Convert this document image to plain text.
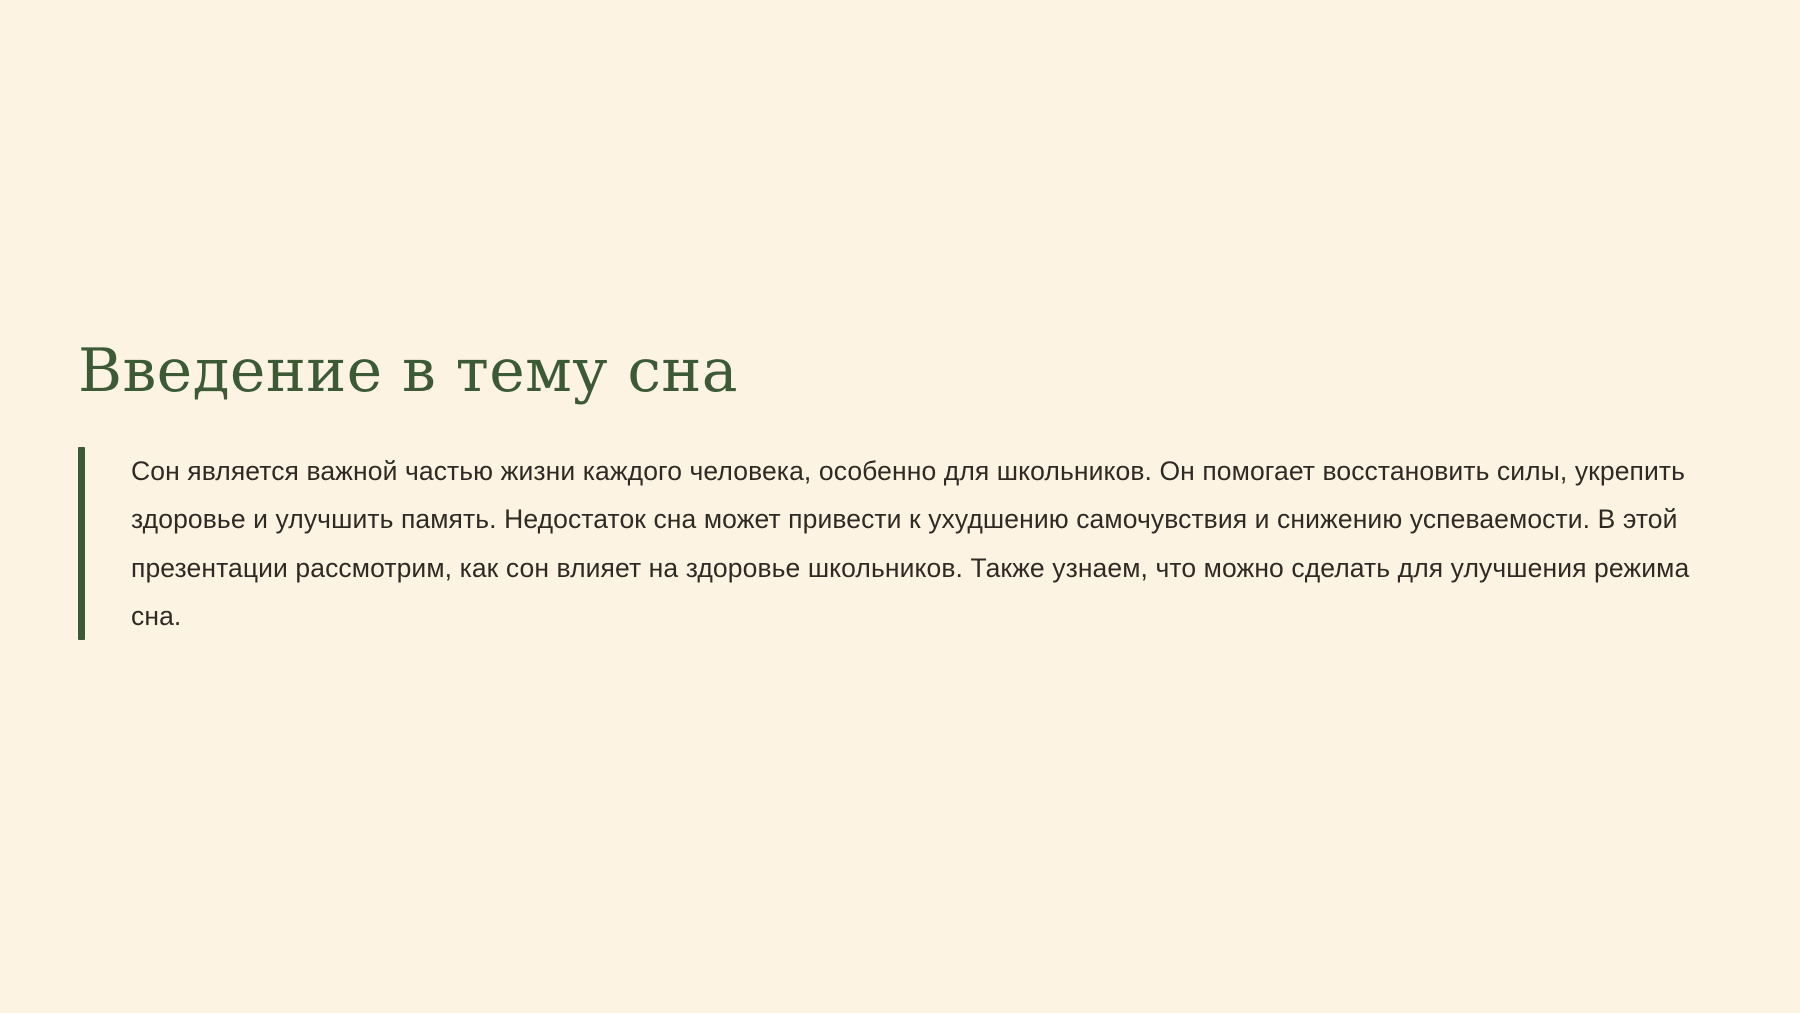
Введение в тему сна

Сон является важной частью жизни каждого человека, особенно для школьников. Он помогает восстановить силы, укрепить здоровье и улучшить память. Недостаток сна может привести к ухудшению самочувствия и снижению успеваемости. В этой презентации рассмотрим, как сон влияет на здоровье школьников. Также узнаем, что можно сделать для улучшения режима сна.
